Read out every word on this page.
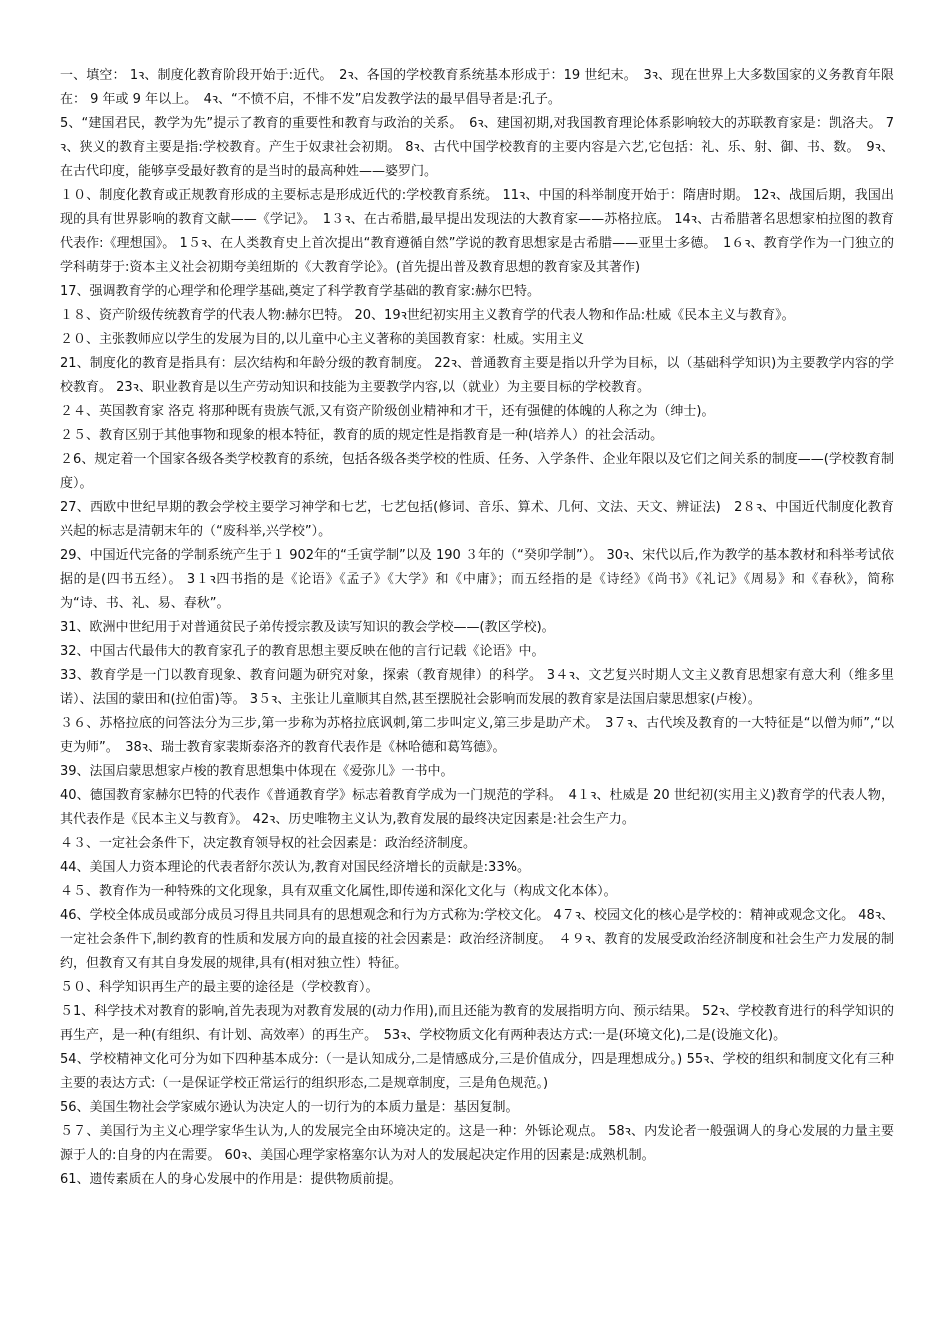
一、填空： 1ꝛ、制度化教育阶段开始于:近代。　2ꝛ、各国的学校教育系统基本形成于：19 世纪末。　3ꝛ、现在世界上大多数国家的义务教育年限在： 9 年或 9 年以上。　4ꝛ、“不愤不启，不悱不发”启发教学法的最早倡导者是:孔子。

5、“建国君民，教学为先”提示了教育的重要性和教育与政治的关系。　6ꝛ、建国初期,对我国教育理论体系影响较大的苏联教育家是：凯洛夫。 7ꝛ、狭义的教育主要是指:学校教育。产生于奴隶社会初期。 8ꝛ、古代中国学校教育的主要内容是六艺,它包括：礼、乐、射、御、书、数。　9ꝛ、在古代印度，能够享受最好教育的是当时的最高种姓——婆罗门。

１０、制度化教育或正规教育形成的主要标志是形成近代的:学校教育系统。 11ꝛ、中国的科举制度开始于：隋唐时期。 12ꝛ、战国后期，我国出现的具有世界影响的教育文献——《学记》。　1３ꝛ、在古希腊,最早提出发现法的大教育家——苏格拉底。 14ꝛ、古希腊著名思想家柏拉图的教育代表作:《理想国》。 1５ꝛ、在人类教育史上首次提出“教育遵循自然”学说的教育思想家是古希腊——亚里士多德。　1６ꝛ、教育学作为一门独立的学科萌芽于:资本主义社会初期夸美纽斯的《大教育学论》。(首先提出普及教育思想的教育家及其著作)

17、强调教育学的心理学和伦理学基础,奠定了科学教育学基础的教育家:赫尔巴特。

１８、资产阶级传统教育学的代表人物:赫尔巴特。 20、19ꝛ世纪初实用主义教育学的代表人物和作品:杜威《民本主义与教育》。

２０、主张教师应以学生的发展为目的,以儿童中心主义著称的美国教育家：杜威。实用主义

21、制度化的教育是指具有：层次结构和年龄分级的教育制度。 22ꝛ、普通教育主要是指以升学为目标，以（基础科学知识)为主要教学内容的学校教育。 23ꝛ、职业教育是以生产劳动知识和技能为主要教学内容,以（就业）为主要目标的学校教育。

２４、英国教育家 洛克 将那种既有贵族气派,又有资产阶级创业精神和才干，还有强健的体魄的人称之为（绅士)。

２５、教育区别于其他事物和现象的根本特征，教育的质的规定性是指教育是一种(培养人）的社会活动。

２6、规定着一个国家各级各类学校教育的系统，包括各级各类学校的性质、任务、入学条件、企业年限以及它们之间关系的制度——(学校教育制度）。

27、西欧中世纪早期的教会学校主要学习神学和七艺，七艺包括(修词、音乐、算术、几何、文法、天文、辨证法)　2８ꝛ、中国近代制度化教育兴起的标志是清朝末年的（“废科举,兴学校”）。

29、中国近代完备的学制系统产生于１ 902年的“壬寅学制”以及 190 ３年的（“癸卯学制”）。 30ꝛ、宋代以后,作为教学的基本教材和科举考试依据的是(四书五经）。 3１ꝛ四书指的是《论语》《孟子》《大学》和《中庸》；而五经指的是《诗经》《尚书》《礼记》《周易》和《春秋》，简称为“诗、书、礼、易、春秋”。

31、欧洲中世纪用于对普通贫民子弟传授宗教及读写知识的教会学校——(教区学校)。

32、中国古代最伟大的教育家孔子的教育思想主要反映在他的言行记载《论语》中。

33、教育学是一门以教育现象、教育问题为研究对象，探索（教育规律）的科学。 3４ꝛ、文艺复兴时期人文主义教育思想家有意大利（维多里诺）、法国的蒙田和(拉伯雷)等。 3５ꝛ、主张让儿童顺其自然,甚至摆脱社会影响而发展的教育家是法国启蒙思想家(卢梭）。

３６、苏格拉底的问答法分为三步,第一步称为苏格拉底讽刺,第二步叫定义,第三步是助产术。　3７ꝛ、古代埃及教育的一大特征是“以僧为师”,“以吏为师”。　38ꝛ、瑞士教育家裴斯泰洛齐的教育代表作是《林哈德和葛笃德》。

39、法国启蒙思想家卢梭的教育思想集中体现在《爱弥儿》一书中。

40、德国教育家赫尔巴特的代表作《普通教育学》标志着教育学成为一门规范的学科。　4１ꝛ、杜威是 20 世纪初(实用主义)教育学的代表人物，其代表作是《民本主义与教育》。 42ꝛ、历史唯物主义认为,教育发展的最终决定因素是:社会生产力。

４３、一定社会条件下，决定教育领导权的社会因素是：政治经济制度。

44、美国人力资本理论的代表者舒尔茨认为,教育对国民经济增长的贡献是:33%。

４５、教育作为一种特殊的文化现象，具有双重文化属性,即传递和深化文化与（构成文化本体）。

46、学校全体成员或部分成员习得且共同具有的思想观念和行为方式称为:学校文化。 4７ꝛ、校园文化的核心是学校的：精神或观念文化。 48ꝛ、一定社会条件下,制约教育的性质和发展方向的最直接的社会因素是：政治经济制度。　４９ꝛ、教育的发展受政治经济制度和社会生产力发展的制约，但教育又有其自身发展的规律,具有(相对独立性）特征。

５０、科学知识再生产的最主要的途径是（学校教育）。

５1、科学技术对教育的影响,首先表现为对教育发展的(动力作用),而且还能为教育的发展指明方向、预示结果。 52ꝛ、学校教育进行的科学知识的再生产，是一种(有组织、有计划、高效率）的再生产。　53ꝛ、学校物质文化有两种表达方式:一是(环境文化),二是(设施文化)。

54、学校精神文化可分为如下四种基本成分:（一是认知成分,二是情感成分,三是价值成分，四是理想成分。) 55ꝛ、学校的组织和制度文化有三种主要的表达方式:（一是保证学校正常运行的组织形态,二是规章制度，三是角色规范。)

56、美国生物社会学家威尔逊认为决定人的一切行为的本质力量是：基因复制。

５７、美国行为主义心理学家华生认为,人的发展完全由环境决定的。这是一种：外铄论观点。 58ꝛ、内发论者一般强调人的身心发展的力量主要源于人的:自身的内在需要。 60ꝛ、美国心理学家格塞尔认为对人的发展起决定作用的因素是:成熟机制。

61、遗传素质在人的身心发展中的作用是：提供物质前提。
